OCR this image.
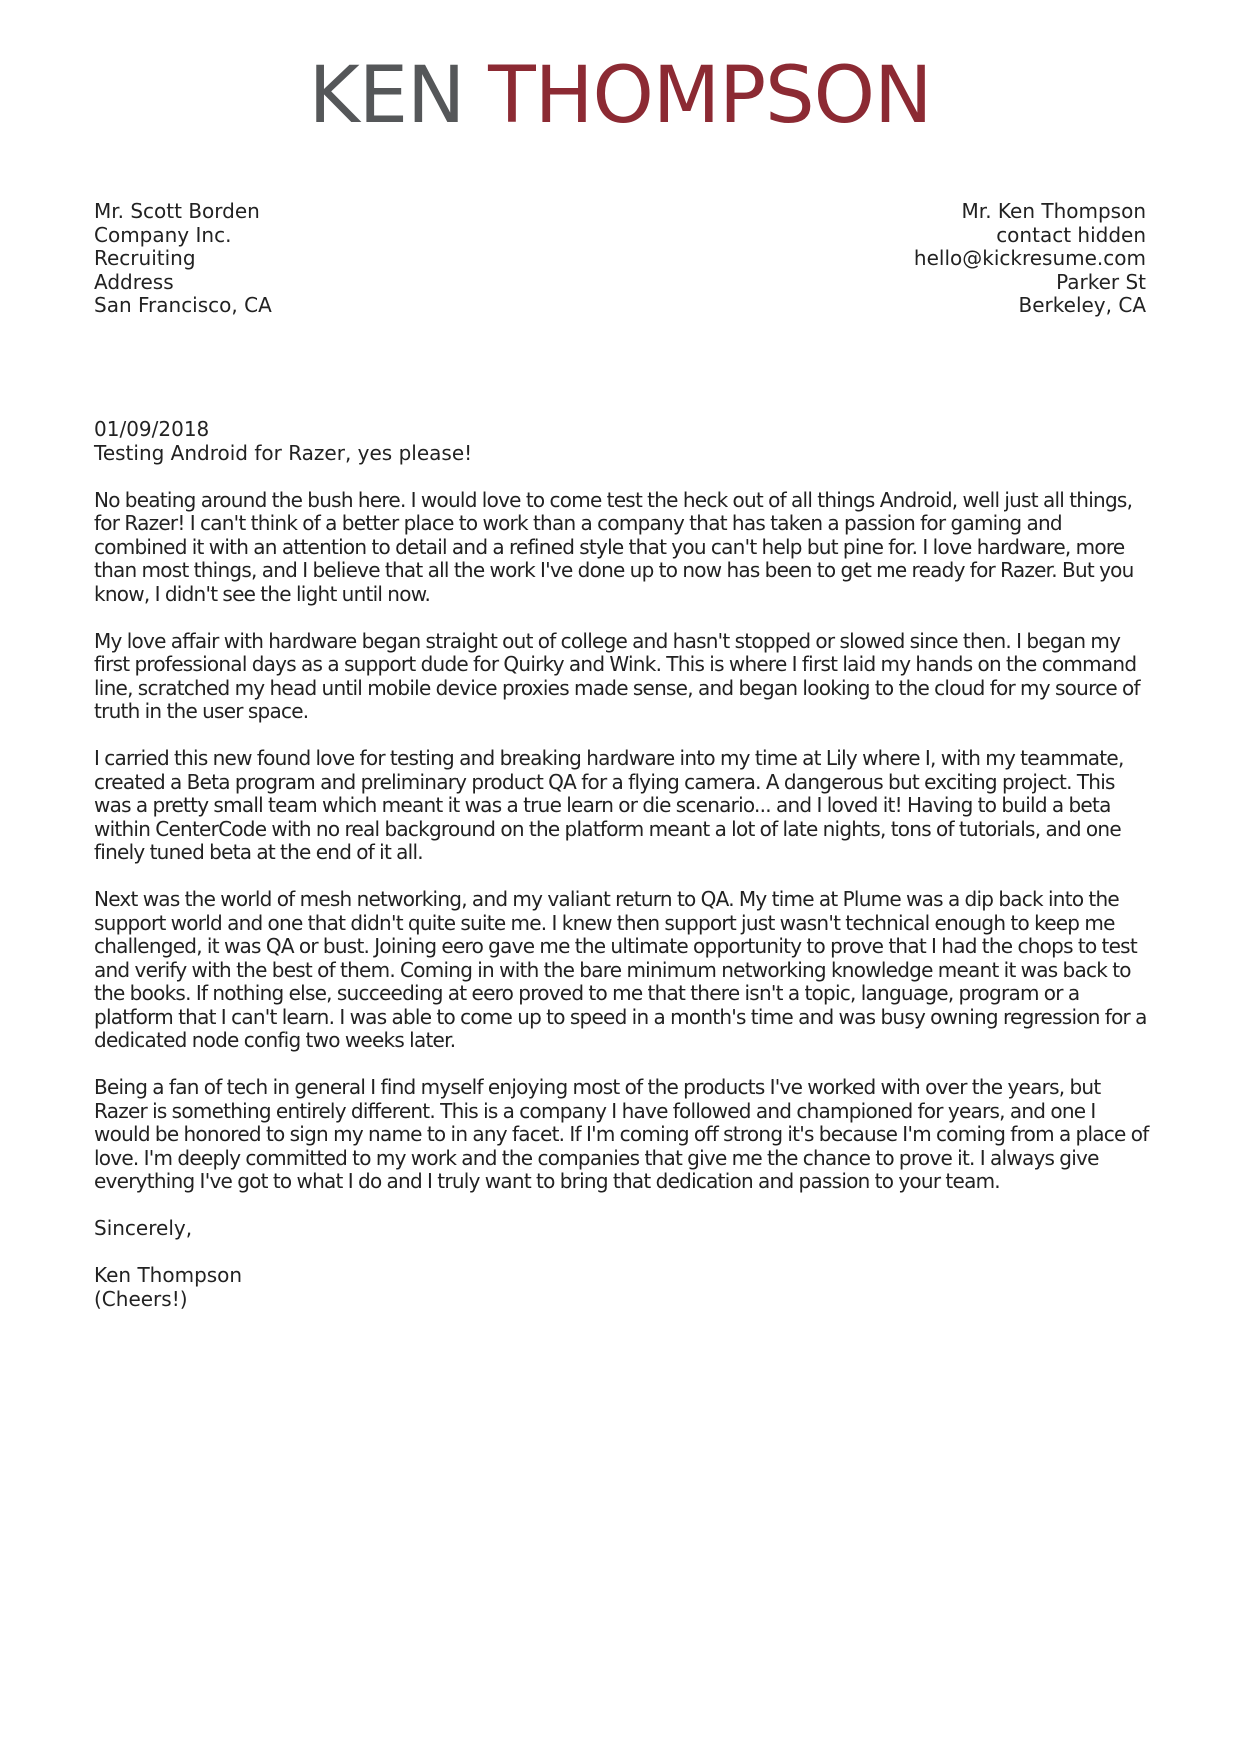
KEN THOMPSON
Mr. Scott Borden
Company Inc.
Recruiting
Address
San Francisco, CA
Mr. Ken Thompson
contact hidden
hello@kickresume.com
Parker St
Berkeley, CA
01/09/2018
Testing Android for Razer, yes please!

No beating around the bush here. I would love to come test the heck out of all things Android, well just all things, for Razer! I can't think of a better place to work than a company that has taken a passion for gaming and combined it with an attention to detail and a refined style that you can't help but pine for. I love hardware, more than most things, and I believe that all the work I've done up to now has been to get me ready for Razer. But you know, I didn't see the light until now.

My love affair with hardware began straight out of college and hasn't stopped or slowed since then. I began my first professional days as a support dude for Quirky and Wink. This is where I first laid my hands on the command line, scratched my head until mobile device proxies made sense, and began looking to the cloud for my source of truth in the user space.

I carried this new found love for testing and breaking hardware into my time at Lily where I, with my teammate, created a Beta program and preliminary product QA for a flying camera. A dangerous but exciting project. This was a pretty small team which meant it was a true learn or die scenario... and I loved it! Having to build a beta within CenterCode with no real background on the platform meant a lot of late nights, tons of tutorials, and one finely tuned beta at the end of it all.

Next was the world of mesh networking, and my valiant return to QA. My time at Plume was a dip back into the support world and one that didn't quite suite me. I knew then support just wasn't technical enough to keep me challenged, it was QA or bust. Joining eero gave me the ultimate opportunity to prove that I had the chops to test and verify with the best of them. Coming in with the bare minimum networking knowledge meant it was back to the books. If nothing else, succeeding at eero proved to me that there isn't a topic, language, program or a platform that I can't learn. I was able to come up to speed in a month's time and was busy owning regression for a dedicated node config two weeks later.

Being a fan of tech in general I find myself enjoying most of the products I've worked with over the years, but Razer is something entirely different. This is a company I have followed and championed for years, and one I would be honored to sign my name to in any facet. If I'm coming off strong it's because I'm coming from a place of love. I'm deeply committed to my work and the companies that give me the chance to prove it. I always give everything I've got to what I do and I truly want to bring that dedication and passion to your team.

Sincerely,

Ken Thompson
(Cheers!)
